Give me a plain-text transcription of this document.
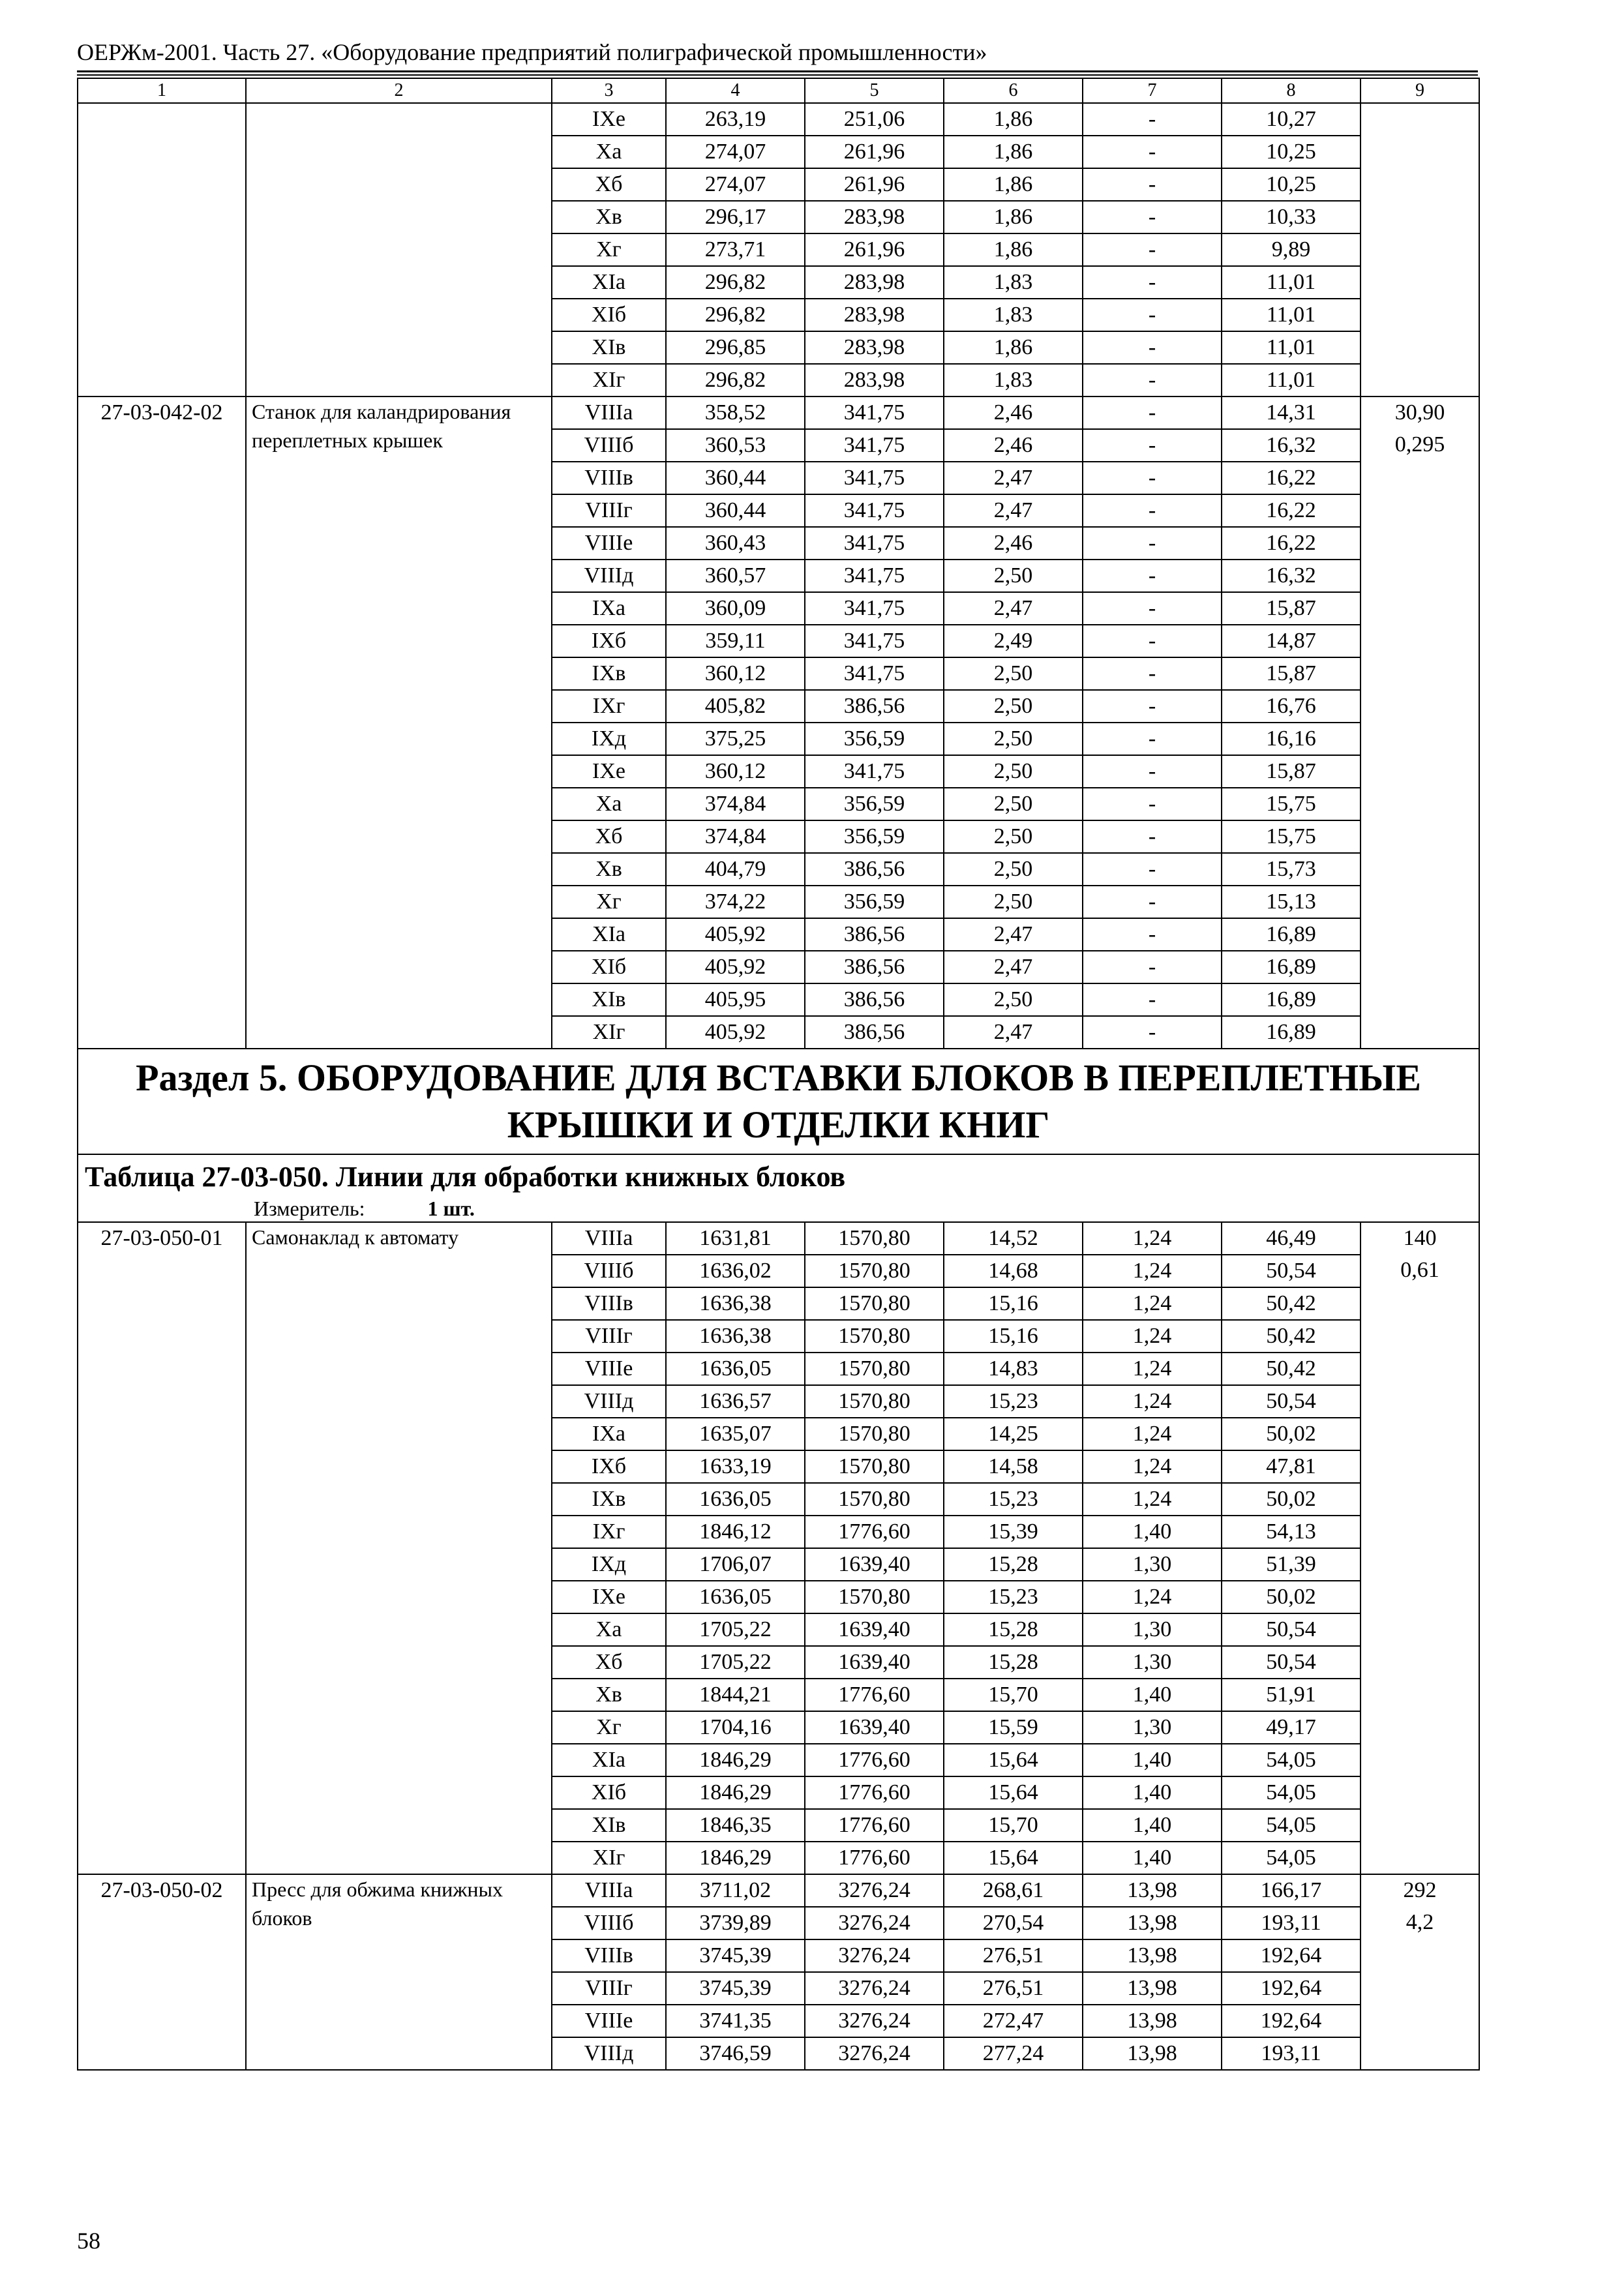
ОЕРЖм-2001. Часть 27. «Оборудование предприятий полиграфической промышленности»
1	2	3	4	5	6	7	8	9
		IXe	263,19	251,06	1,86	-	10,27	
		Xa	274,07	261,96	1,86	-	10,25	
		Xб	274,07	261,96	1,86	-	10,25	
		Xв	296,17	283,98	1,86	-	10,33	
		Xг	273,71	261,96	1,86	-	9,89	
		XIa	296,82	283,98	1,83	-	11,01	
		XIб	296,82	283,98	1,83	-	11,01	
		XIв	296,85	283,98	1,86	-	11,01	
		XIг	296,82	283,98	1,83	-	11,01	
27-03-042-02	Станок для каландрирования переплетных крышек	VIIIa	358,52	341,75	2,46	-	14,31	30,90
		VIIIб	360,53	341,75	2,46	-	16,32	0,295
		VIIIв	360,44	341,75	2,47	-	16,22	
		VIIIг	360,44	341,75	2,47	-	16,22	
		VIIIe	360,43	341,75	2,46	-	16,22	
		VIIIд	360,57	341,75	2,50	-	16,32	
		IXa	360,09	341,75	2,47	-	15,87	
		IXб	359,11	341,75	2,49	-	14,87	
		IXв	360,12	341,75	2,50	-	15,87	
		IXг	405,82	386,56	2,50	-	16,76	
		IXд	375,25	356,59	2,50	-	16,16	
		IXe	360,12	341,75	2,50	-	15,87	
		Xa	374,84	356,59	2,50	-	15,75	
		Xб	374,84	356,59	2,50	-	15,75	
		Xв	404,79	386,56	2,50	-	15,73	
		Xг	374,22	356,59	2,50	-	15,13	
		XIa	405,92	386,56	2,47	-	16,89	
		XIб	405,92	386,56	2,47	-	16,89	
		XIв	405,95	386,56	2,50	-	16,89	
		XIг	405,92	386,56	2,47	-	16,89	
Раздел 5. ОБОРУДОВАНИЕ ДЛЯ ВСТАВКИ БЛОКОВ В ПЕРЕПЛЕТНЫЕ КРЫШКИ И ОТДЕЛКИ КНИГ								
Таблица 27-03-050. Линии для обработки книжных блоков								
Измеритель: 1 шт.								
27-03-050-01	Самонаклад к автомату	VIIIa	1631,81	1570,80	14,52	1,24	46,49	140
		VIIIб	1636,02	1570,80	14,68	1,24	50,54	0,61
		VIIIв	1636,38	1570,80	15,16	1,24	50,42	
		VIIIг	1636,38	1570,80	15,16	1,24	50,42	
		VIIIe	1636,05	1570,80	14,83	1,24	50,42	
		VIIIд	1636,57	1570,80	15,23	1,24	50,54	
		IXa	1635,07	1570,80	14,25	1,24	50,02	
		IXб	1633,19	1570,80	14,58	1,24	47,81	
		IXв	1636,05	1570,80	15,23	1,24	50,02	
		IXг	1846,12	1776,60	15,39	1,40	54,13	
		IXд	1706,07	1639,40	15,28	1,30	51,39	
		IXe	1636,05	1570,80	15,23	1,24	50,02	
		Xa	1705,22	1639,40	15,28	1,30	50,54	
		Xб	1705,22	1639,40	15,28	1,30	50,54	
		Xв	1844,21	1776,60	15,70	1,40	51,91	
		Xг	1704,16	1639,40	15,59	1,30	49,17	
		XIa	1846,29	1776,60	15,64	1,40	54,05	
		XIб	1846,29	1776,60	15,64	1,40	54,05	
		XIв	1846,35	1776,60	15,70	1,40	54,05	
		XIг	1846,29	1776,60	15,64	1,40	54,05	
27-03-050-02	Пресс для обжима книжных блоков	VIIIa	3711,02	3276,24	268,61	13,98	166,17	292
		VIIIб	3739,89	3276,24	270,54	13,98	193,11	4,2
		VIIIв	3745,39	3276,24	276,51	13,98	192,64	
		VIIIг	3745,39	3276,24	276,51	13,98	192,64	
		VIIIe	3741,35	3276,24	272,47	13,98	192,64	
		VIIIд	3746,59	3276,24	277,24	13,98	193,11	
58
